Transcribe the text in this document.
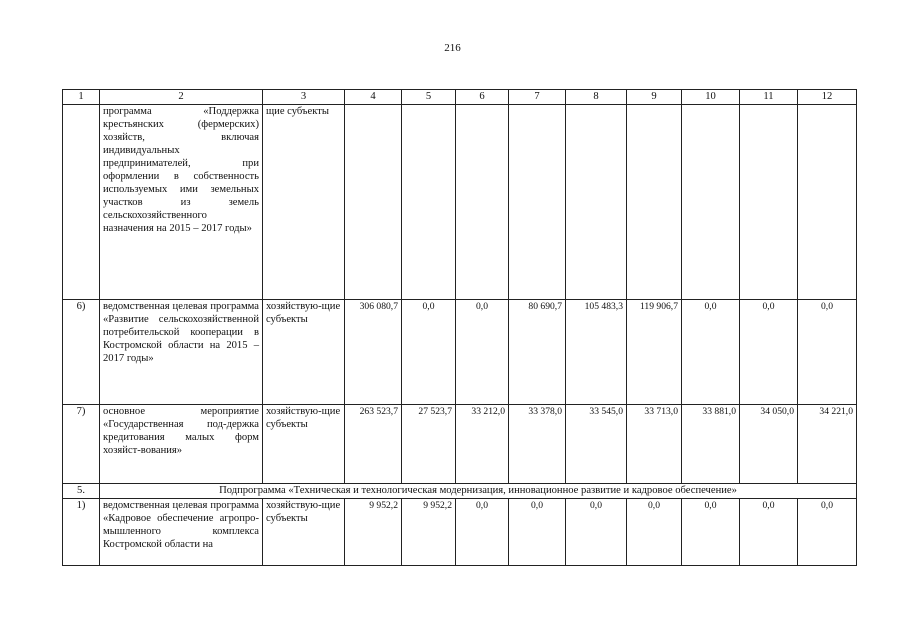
216
1	2	3	4	5	6	7	8	9	10	11	12
	программа «Поддержка крестьянских (фермерских) хозяйств, включая индивидуальных предпринимателей, при оформлении в собственность используемых ими земельных участков из земель сельскохозяйственного назначения на 2015 – 2017 годы»	щие субъекты									
6)	ведомственная целевая программа «Развитие сельскохозяйственной потребительской кооперации в Костромской области на 2015 – 2017 годы»	хозяйствую-щие субъекты	306 080,7	0,0	0,0	80 690,7	105 483,3	119 906,7	0,0	0,0	0,0
7)	основное мероприятие «Государственная под-держка кредитования малых форм хозяйст-вования»	хозяйствую-щие субъекты	263 523,7	27 523,7	33 212,0	33 378,0	33 545,0	33 713,0	33 881,0	34 050,0	34 221,0
5.	Подпрограмма «Техническая и технологическая модернизация, инновационное развитие и кадровое обеспечение»										
1)	ведомственная целевая программа «Кадровое обеспечение агропро-мышленного комплекса Костромской области на	хозяйствую-щие субъекты	9 952,2	9 952,2	0,0	0,0	0,0	0,0	0,0	0,0	0,0
